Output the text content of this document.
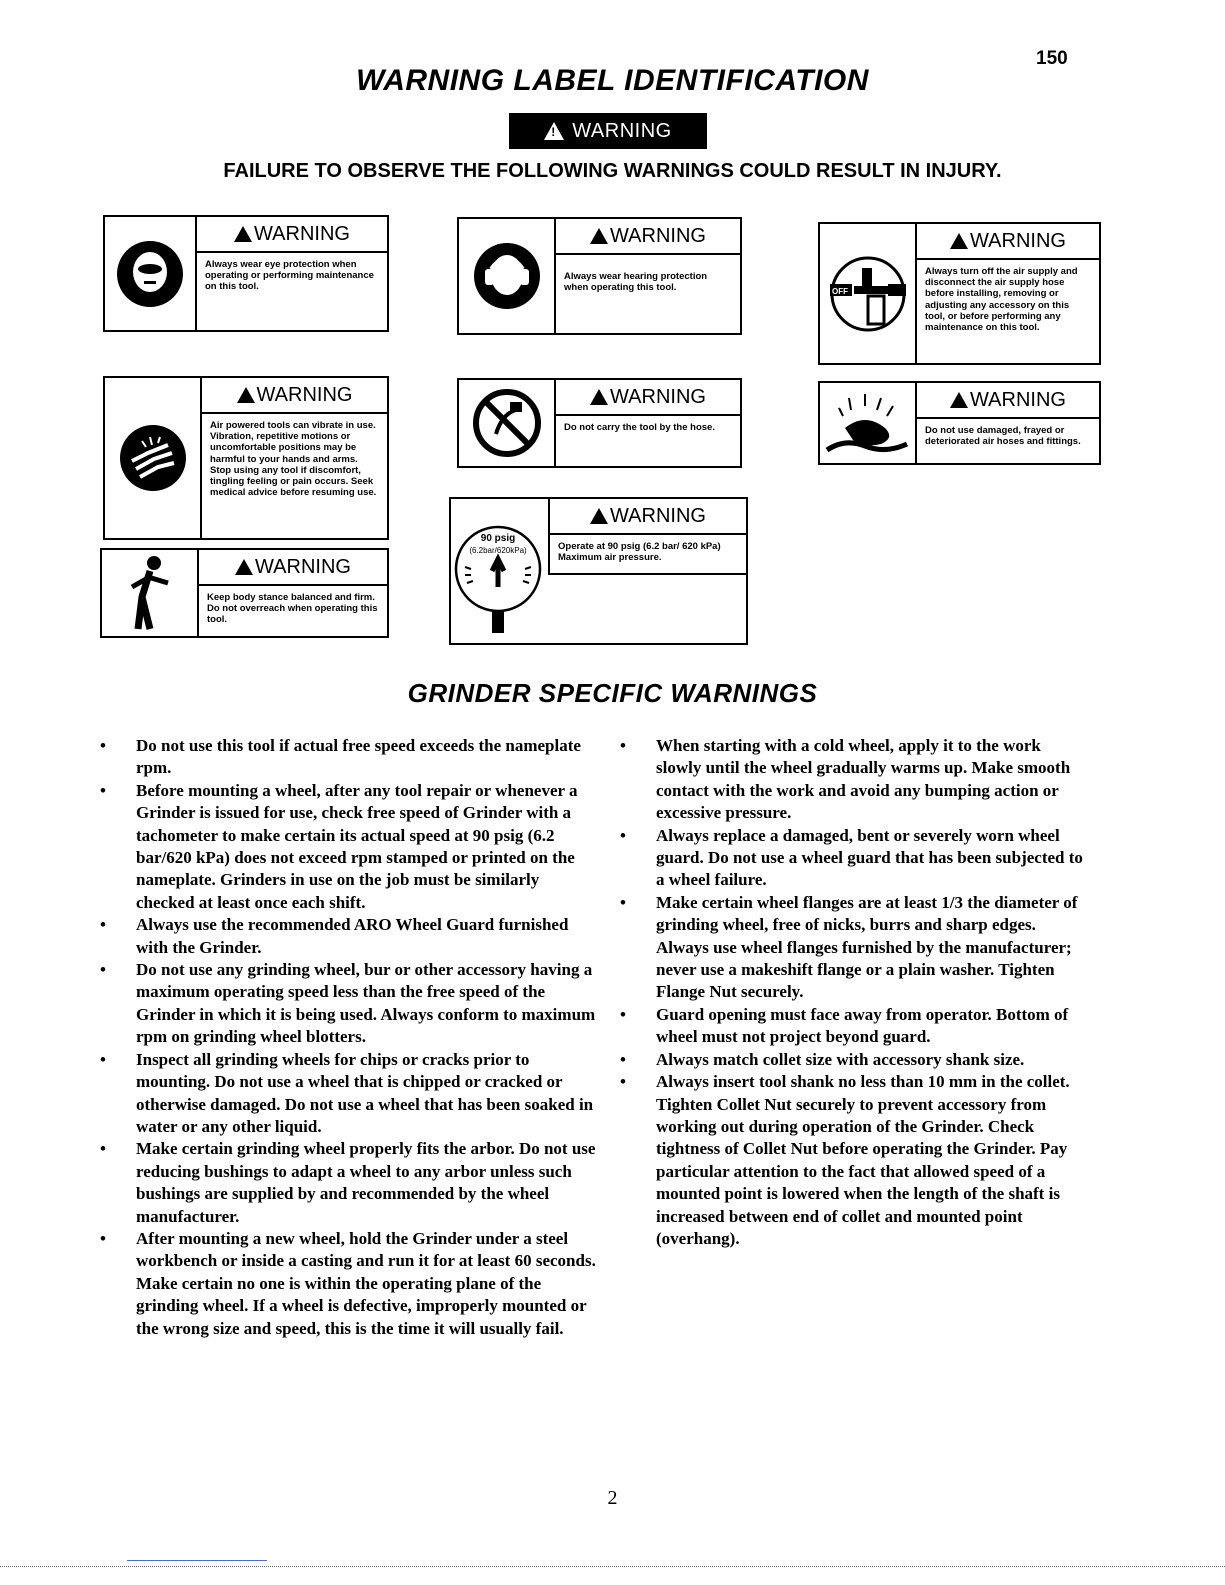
150
WARNING LABEL IDENTIFICATION
!
WARNING
FAILURE TO OBSERVE THE FOLLOWING WARNINGS COULD RESULT IN INJURY.
WARNING
Always wear eye protection when operating or performing maintenance on this tool.
WARNING
Always wear hearing protection when operating this tool.	OFF
WARNING
Always turn off the air supply and disconnect the air supply hose before installing, removing or adjusting any accessory on this tool, or before performing any maintenance on this tool.
WARNING
Air powered tools can vibrate in use. Vibration, repetitive motions or uncomfortable positions may be harmful to your hands and arms. Stop using any tool if discomfort, tingling feeling or pain occurs. Seek medical advice before resuming use.
WARNING
Do not carry the tool by the hose.
WARNING
Do not use damaged, frayed or deteriorated air hoses and fittings.
WARNING
Keep body stance balanced and firm. Do not overreach when operating this tool.
90 psig
(6.2bar/620kPa)
WARNING
Operate at 90 psig (6.2 bar/ 620 kPa) Maximum air pressure.
GRINDER SPECIFIC WARNINGS
• Do not use this tool if actual free speed exceeds the nameplate rpm.
• Before mounting a wheel, after any tool repair or whenever a Grinder is issued for use, check free speed of Grinder with a tachometer to make certain its actual speed at 90 psig (6.2 bar/620 kPa) does not exceed rpm stamped or printed on the nameplate. Grinders in use on the job must be similarly checked at least once each shift.
• Always use the recommended ARO Wheel Guard furnished with the Grinder.
• Do not use any grinding wheel, bur or other accessory having a maximum operating speed less than the free speed of the Grinder in which it is being used. Always conform to maximum rpm on grinding wheel blotters.
• Inspect all grinding wheels for chips or cracks prior to mounting. Do not use a wheel that is chipped or cracked or otherwise damaged. Do not use a wheel that has been soaked in water or any other liquid.
• Make certain grinding wheel properly fits the arbor. Do not use reducing bushings to adapt a wheel to any arbor unless such bushings are supplied by and recommended by the wheel manufacturer.
• After mounting a new wheel, hold the Grinder under a steel workbench or inside a casting and run it for at least 60 seconds. Make certain no one is within the operating plane of the grinding wheel. If a wheel is defective, improperly mounted or the wrong size and speed, this is the time it will usually fail.
• When starting with a cold wheel, apply it to the work slowly until the wheel gradually warms up. Make smooth contact with the work and avoid any bumping action or excessive pressure.
• Always replace a damaged, bent or severely worn wheel guard. Do not use a wheel guard that has been subjected to a wheel failure.
• Make certain wheel flanges are at least 1/3 the diameter of grinding wheel, free of nicks, burrs and sharp edges. Always use wheel flanges furnished by the manufacturer; never use a makeshift flange or a plain washer. Tighten Flange Nut securely.
• Guard opening must face away from operator. Bottom of wheel must not project beyond guard.
• Always match collet size with accessory shank size.
• Always insert tool shank no less than 10 mm in the collet. Tighten Collet Nut securely to prevent accessory from working out during operation of the Grinder. Check tightness of Collet Nut before operating the Grinder. Pay particular attention to the fact that allowed speed of a mounted point is lowered when the length of the shaft is increased between end of collet and mounted point (overhang).
2
